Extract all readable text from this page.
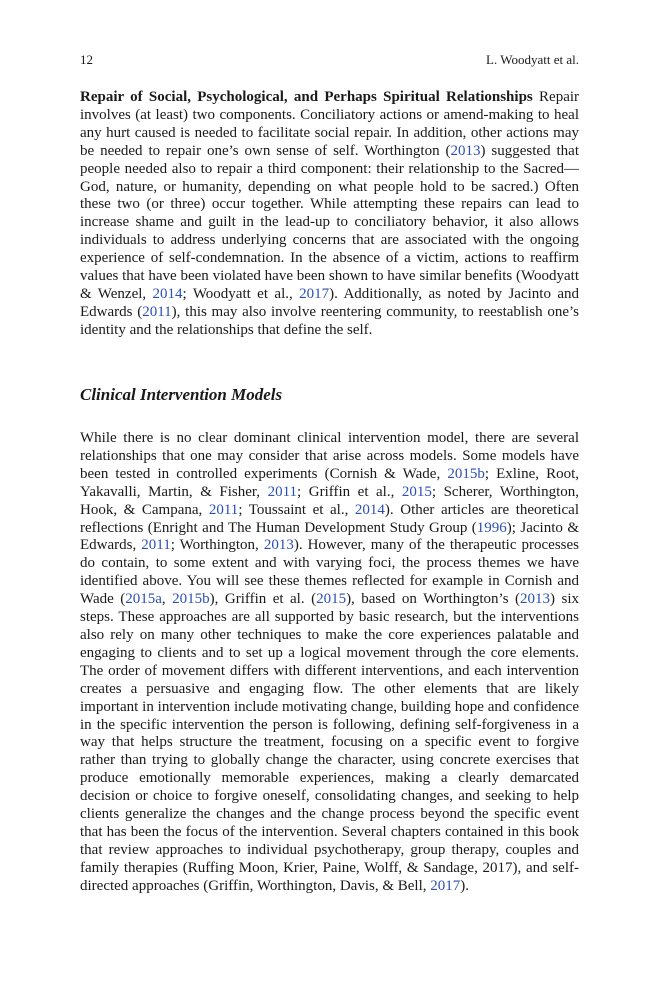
12	L. Woodyatt et al.

Repair of Social, Psychological, and Perhaps Spiritual Relationships Repair involves (at least) two components. Conciliatory actions or amend-making to heal any hurt caused is needed to facilitate social repair. In addition, other actions may be needed to repair one’s own sense of self. Worthington (2013) suggested that people needed also to repair a third component: their relationship to the Sacred—God, nature, or humanity, depending on what people hold to be sacred.) Often these two (or three) occur together. While attempting these repairs can lead to increase shame and guilt in the lead-up to conciliatory behavior, it also allows individuals to address underlying concerns that are associated with the ongoing experience of self-condemnation. In the absence of a victim, actions to reaffirm values that have been violated have been shown to have similar benefits (Woodyatt & Wenzel, 2014; Woodyatt et al., 2017). Additionally, as noted by Jacinto and Edwards (2011), this may also involve reentering community, to reestablish one’s identity and the relationships that define the self.

Clinical Intervention Models

While there is no clear dominant clinical intervention model, there are several relationships that one may consider that arise across models. Some models have been tested in controlled experiments (Cornish & Wade, 2015b; Exline, Root, Yakavalli, Martin, & Fisher, 2011; Griffin et al., 2015; Scherer, Worthington, Hook, & Campana, 2011; Toussaint et al., 2014). Other articles are theoretical reflections (Enright and The Human Development Study Group (1996); Jacinto & Edwards, 2011; Worthington, 2013). However, many of the therapeutic processes do contain, to some extent and with varying foci, the process themes we have identified above. You will see these themes reflected for example in Cornish and Wade (2015a, 2015b), Griffin et al. (2015), based on Worthington’s (2013) six steps. These approaches are all supported by basic research, but the interventions also rely on many other techniques to make the core experiences palatable and engaging to clients and to set up a logical movement through the core elements. The order of movement differs with different interventions, and each intervention creates a persuasive and engaging flow. The other elements that are likely important in intervention include motivating change, building hope and confidence in the specific intervention the person is following, defining self-forgiveness in a way that helps structure the treatment, focusing on a specific event to forgive rather than trying to globally change the character, using concrete exercises that produce emotionally memorable experiences, making a clearly demarcated decision or choice to forgive oneself, consolidating changes, and seeking to help clients generalize the changes and the change process beyond the specific event that has been the focus of the intervention. Several chapters contained in this book that review approaches to individual psychotherapy, group therapy, couples and family therapies (Ruffing Moon, Krier, Paine, Wolff, & Sandage, 2017), and self-directed approaches (Griffin, Worthington, Davis, & Bell, 2017).
